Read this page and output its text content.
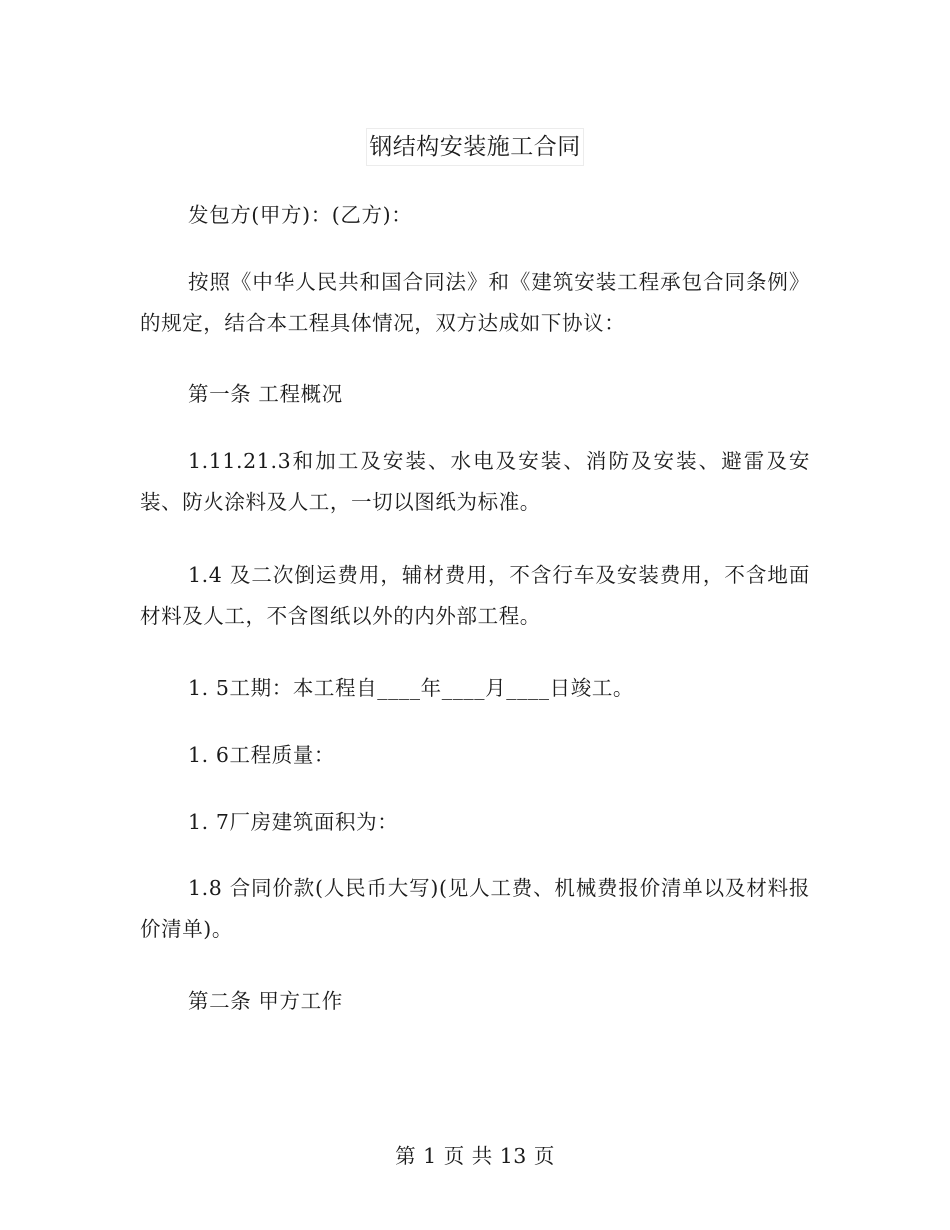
钢结构安装施工合同

发包方(甲方)：(乙方)：

按照《中华人民共和国合同法》和《建筑安装工程承包合同条例》的规定，结合本工程具体情况，双方达成如下协议：

第一条 工程概况

1.11.21.3和加工及安装、水电及安装、消防及安装、避雷及安装、防火涂料及人工，一切以图纸为标准。

1.4 及二次倒运费用，辅材费用，不含行车及安装费用，不含地面材料及人工，不含图纸以外的内外部工程。

1. 5工期：本工程自____年____月____日竣工。

1. 6工程质量：

1. 7厂房建筑面积为：

1.8 合同价款(人民币大写)(见人工费、机械费报价清单以及材料报价清单)。

第二条 甲方工作

第 1 页 共 13 页
